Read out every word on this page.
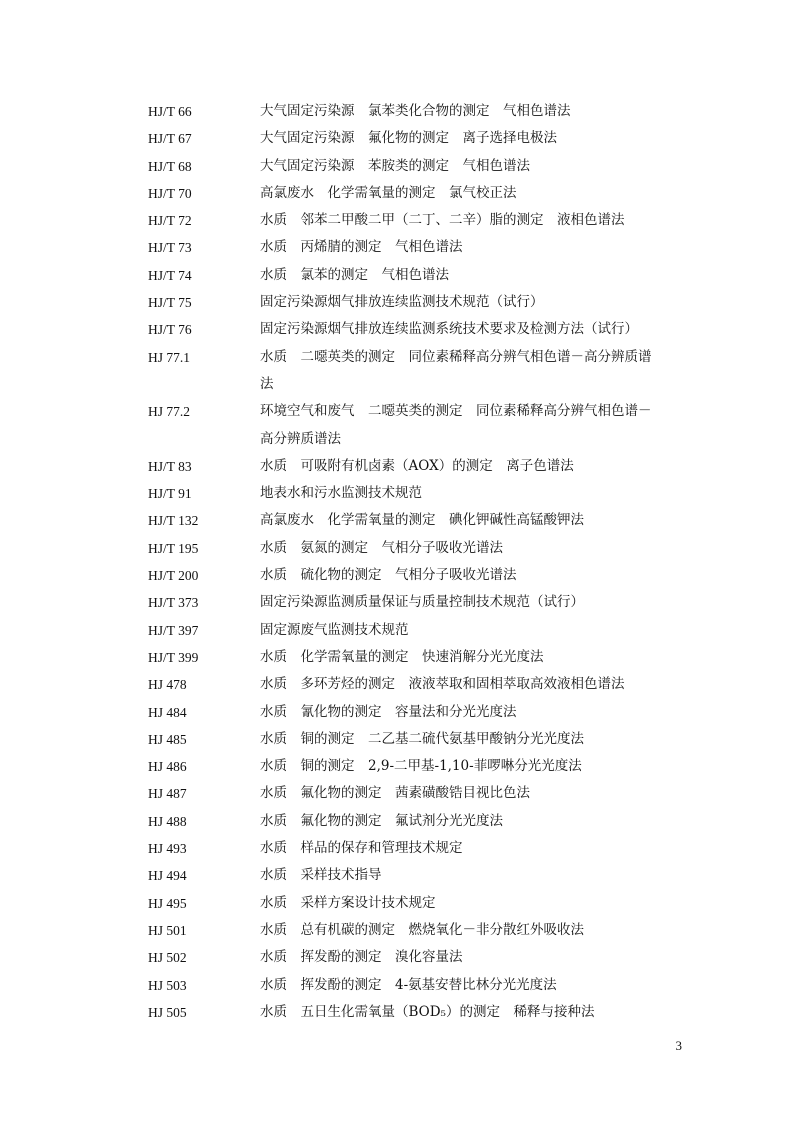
HJ/T 66	大气固定污染源　氯苯类化合物的测定　气相色谱法
HJ/T 67	大气固定污染源　氟化物的测定　离子选择电极法
HJ/T 68	大气固定污染源　苯胺类的测定　气相色谱法
HJ/T 70	高氯废水　化学需氧量的测定　氯气校正法
HJ/T 72	水质　邻苯二甲酸二甲（二丁、二辛）脂的测定　液相色谱法
HJ/T 73	水质　丙烯腈的测定　气相色谱法
HJ/T 74	水质　氯苯的测定　气相色谱法
HJ/T 75	固定污染源烟气排放连续监测技术规范（试行）
HJ/T 76	固定污染源烟气排放连续监测系统技术要求及检测方法（试行）
HJ 77.1	水质　二噁英类的测定　同位素稀释高分辨气相色谱－高分辨质谱
法
HJ 77.2	环境空气和废气　二噁英类的测定　同位素稀释高分辨气相色谱－
高分辨质谱法
HJ/T 83	水质　可吸附有机卤素（AOX）的测定　离子色谱法
HJ/T 91	地表水和污水监测技术规范
HJ/T 132	高氯废水　化学需氧量的测定　碘化钾碱性高锰酸钾法
HJ/T 195	水质　氨氮的测定　气相分子吸收光谱法
HJ/T 200	水质　硫化物的测定　气相分子吸收光谱法
HJ/T 373	固定污染源监测质量保证与质量控制技术规范（试行）
HJ/T 397	固定源废气监测技术规范
HJ/T 399	水质　化学需氧量的测定　快速消解分光光度法
HJ 478	水质　多环芳烃的测定　液液萃取和固相萃取高效液相色谱法
HJ 484	水质　氰化物的测定　容量法和分光光度法
HJ 485	水质　铜的测定　二乙基二硫代氨基甲酸钠分光光度法
HJ 486	水质　铜的测定　2,9-二甲基-1,10-菲啰啉分光光度法
HJ 487	水质　氟化物的测定　茜素磺酸锆目视比色法
HJ 488	水质　氟化物的测定　氟试剂分光光度法
HJ 493	水质　样品的保存和管理技术规定
HJ 494	水质　采样技术指导
HJ 495	水质　采样方案设计技术规定
HJ 501	水质　总有机碳的测定　燃烧氧化－非分散红外吸收法
HJ 502	水质　挥发酚的测定　溴化容量法
HJ 503	水质　挥发酚的测定　4-氨基安替比林分光光度法
HJ 505	水质　五日生化需氧量（BOD₅）的测定　稀释与接种法
3
